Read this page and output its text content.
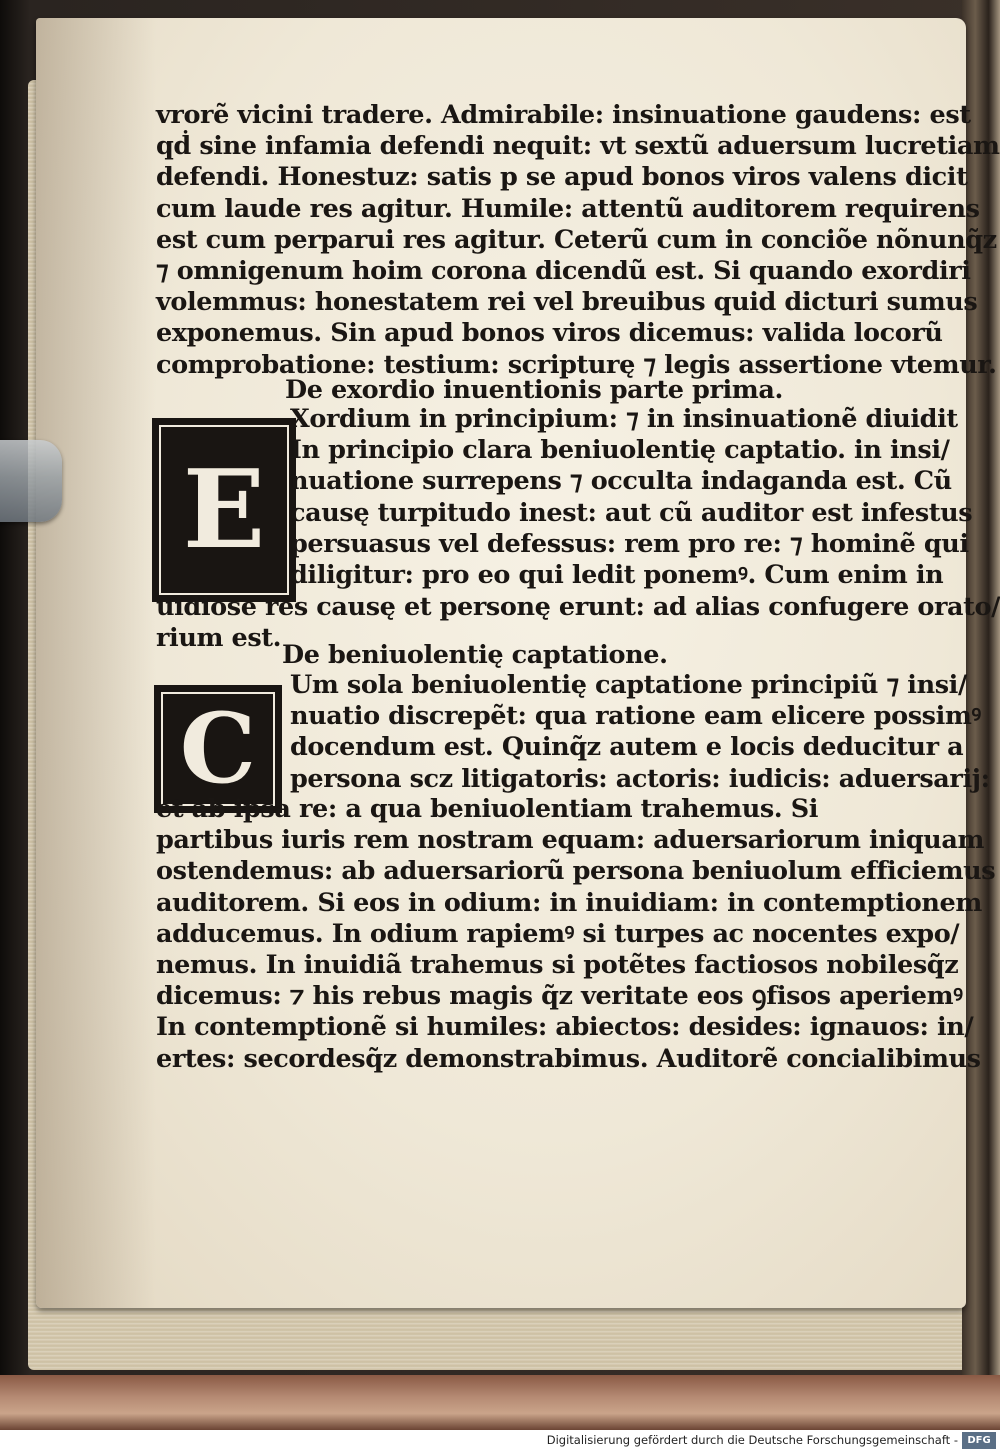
vrorẽ vicini tradere. Admirabile: insinuatione gaudens: est
qḋ sine infamia defendi nequit: vt sextũ aduersum lucretiam
defendi. Honestuz: satis p se apud bonos viros valens dicit
cum laude res agitur. Humile: attentũ auditorem requirens
est cum perparui res agitur. Ceterũ cum in conciõe nõnunq̃z
⁊ omnigenum hoim corona dicendũ est. Si quando exordiri
volemmus: honestatem rei vel breuibus quid dicturi sumus
exponemus. Sin apud bonos viros dicemus: valida locorũ
comprobatione: testium: scripturę ⁊ legis assertione vtemur.
De exordio inuentionis parte prima.
E
Xordium in principium: ⁊ in insinuationẽ diuidit
In principio clara beniuolentię captatio. in insi/
nuatione surrepens ⁊ occulta indaganda est. Cũ
causę turpitudo inest: aut cũ auditor est infestus
persuasus vel defessus: rem pro re: ⁊ hominẽ qui
diligitur: pro eo qui ledit ponemꝰ. Cum enim in
uidiose res causę et personę erunt: ad alias confugere orato/
rium est.
De beniuolentię captatione.
C
Um sola beniuolentię captatione principiũ ⁊ insi/
nuatio discrepẽt: qua ratione eam elicere possimꝰ
docendum est. Quinq̃z autem e locis deducitur a
persona scz litigatoris: actoris: iudicis: aduersarij:
et ab ipsa re: a qua beniuolentiam trahemus. Si
partibus iuris rem nostram equam: aduersariorum iniquam
ostendemus: ab aduersariorũ persona beniuolum efficiemus
auditorem. Si eos in odium: in inuidiam: in contemptionem
adducemus. In odium rapiemꝰ si turpes ac nocentes expo/
nemus. In inuidiã trahemus si potẽtes factiosos nobilesq̃z
dicemus: ⁊ his rebus magis q̃z veritate eos ꝯfisos aperiemꝰ
In contemptionẽ si humiles: abiectos: desides: ignauos: in/
ertes: secordesq̃z demonstrabimus. Auditorẽ concialibimus
Digitalisierung gefördert durch die Deutsche Forschungsgemeinschaft - DFG
